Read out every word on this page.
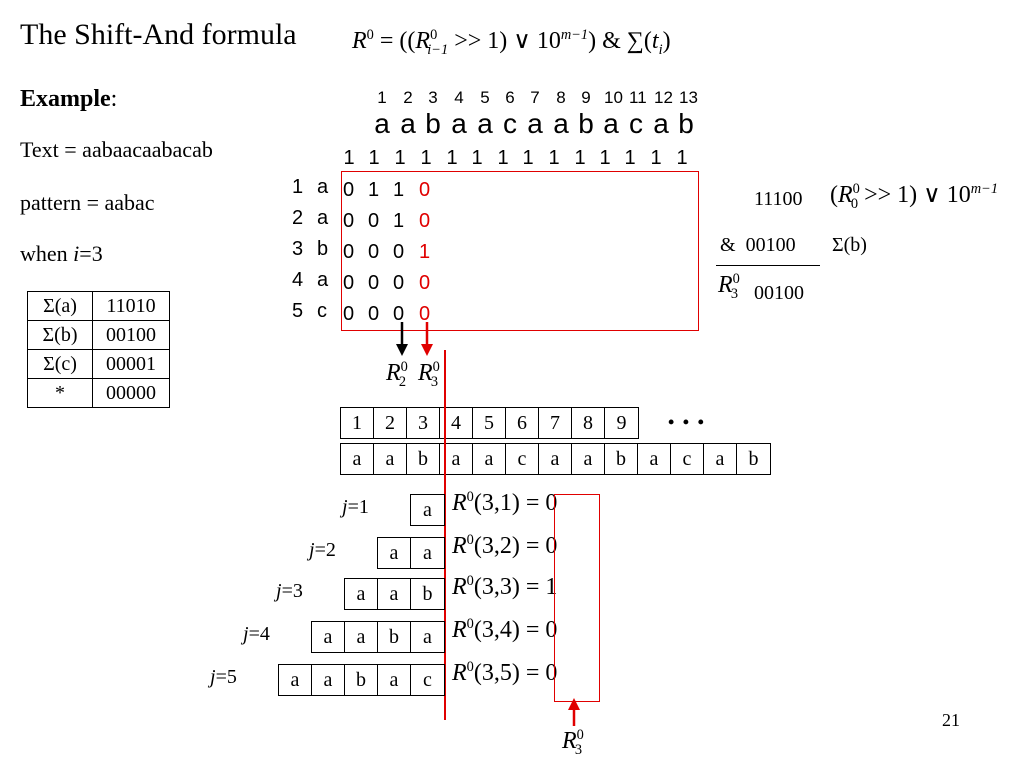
The Shift-And formula $R^0 = ((R^0_{i-1} >> 1)$ ∨ $10^{m-1}$) & $\sum(t_i)$
Example:
Text = aabaacaabacab
pattern = aabac
when i=3
Σ(a)	11010
Σ(b)	00100
Σ(c)	00001
*	00000
1 2 3 4 5 6 7 8 9 10 11 12 13
a a b a a c a a b a c a b
1 1 1 1 1 1 1 1 1 1 1 1 1 1
1 a 0 1 1 0
2 a 0 0 1 0
3 b 0 0 0 1
4 a 0 0 0 0
5 c 0 0 0 0
$R^0_2$ $R^0_3$
11100 $(R^0_0 >> 1)$ ∨ $10^{m-1}$
& 00100 Σ(b)
$R^0_3$ 00100
1	2	3	4	5	6	7	8	9	• • •
a	a	b	a	a	c	a	a	b	a	c	a	b
j=1	a $R^0(3,1) = 0$
j=2	a	a $R^0(3,2) = 0$
j=3	a	a	b $R^0(3,3) = 1$
j=4	a	a	b	a $R^0(3,4) = 0$
j=5	a	a	b	a	c $R^0(3,5) = 0$
$R^0_3$
21
